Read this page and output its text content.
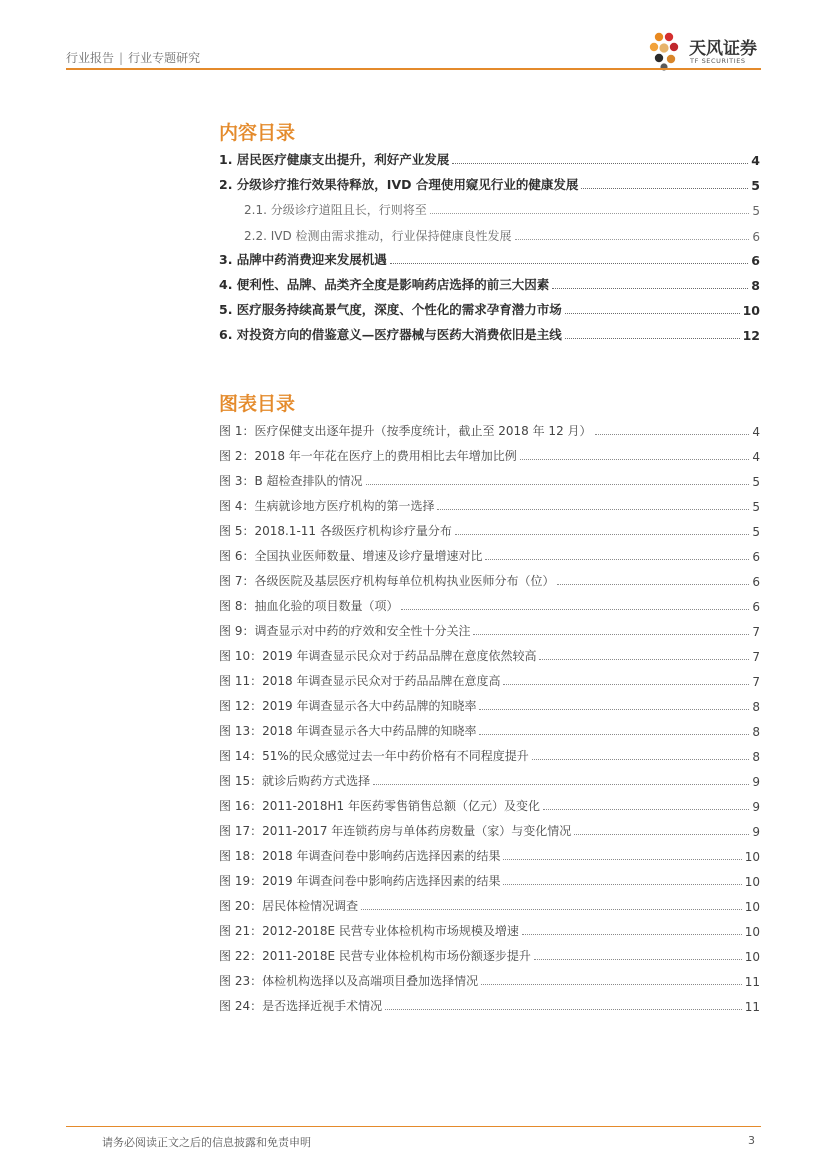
行业报告 | 行业专题研究	天风证券
TF SECURITIES
内容目录
1. 居民医疗健康支出提升，利好产业发展	4
2. 分级诊疗推行效果待释放，IVD 合理使用窥见行业的健康发展	5
2.1. 分级诊疗道阻且长，行则将至	5
2.2. IVD 检测由需求推动，行业保持健康良性发展	6
3. 品牌中药消费迎来发展机遇	6
4. 便利性、品牌、品类齐全度是影响药店选择的前三大因素	8
5. 医疗服务持续高景气度，深度、个性化的需求孕育潜力市场	10
6. 对投资方向的借鉴意义—医疗器械与医药大消费依旧是主线	12
图表目录
图 1：医疗保健支出逐年提升（按季度统计，截止至 2018 年 12 月）	4
图 2：2018 年一年花在医疗上的费用相比去年增加比例	4
图 3：B 超检查排队的情况	5
图 4：生病就诊地方医疗机构的第一选择	5
图 5：2018.1-11 各级医疗机构诊疗量分布	5
图 6：全国执业医师数量、增速及诊疗量增速对比	6
图 7：各级医院及基层医疗机构每单位机构执业医师分布（位）	6
图 8：抽血化验的项目数量（项）	6
图 9：调查显示对中药的疗效和安全性十分关注	7
图 10：2019 年调查显示民众对于药品品牌在意度依然较高	7
图 11：2018 年调查显示民众对于药品品牌在意度高	7
图 12：2019 年调查显示各大中药品牌的知晓率	8
图 13：2018 年调查显示各大中药品牌的知晓率	8
图 14：51%的民众感觉过去一年中药价格有不同程度提升	8
图 15：就诊后购药方式选择	9
图 16：2011-2018H1 年医药零售销售总额（亿元）及变化	9
图 17：2011-2017 年连锁药房与单体药房数量（家）与变化情况	9
图 18：2018 年调查问卷中影响药店选择因素的结果	10
图 19：2019 年调查问卷中影响药店选择因素的结果	10
图 20：居民体检情况调查	10
图 21：2012-2018E 民营专业体检机构市场规模及增速	10
图 22：2011-2018E 民营专业体检机构市场份额逐步提升	10
图 23：体检机构选择以及高端项目叠加选择情况	11
图 24：是否选择近视手术情况	11
请务必阅读正文之后的信息披露和免责申明	3
